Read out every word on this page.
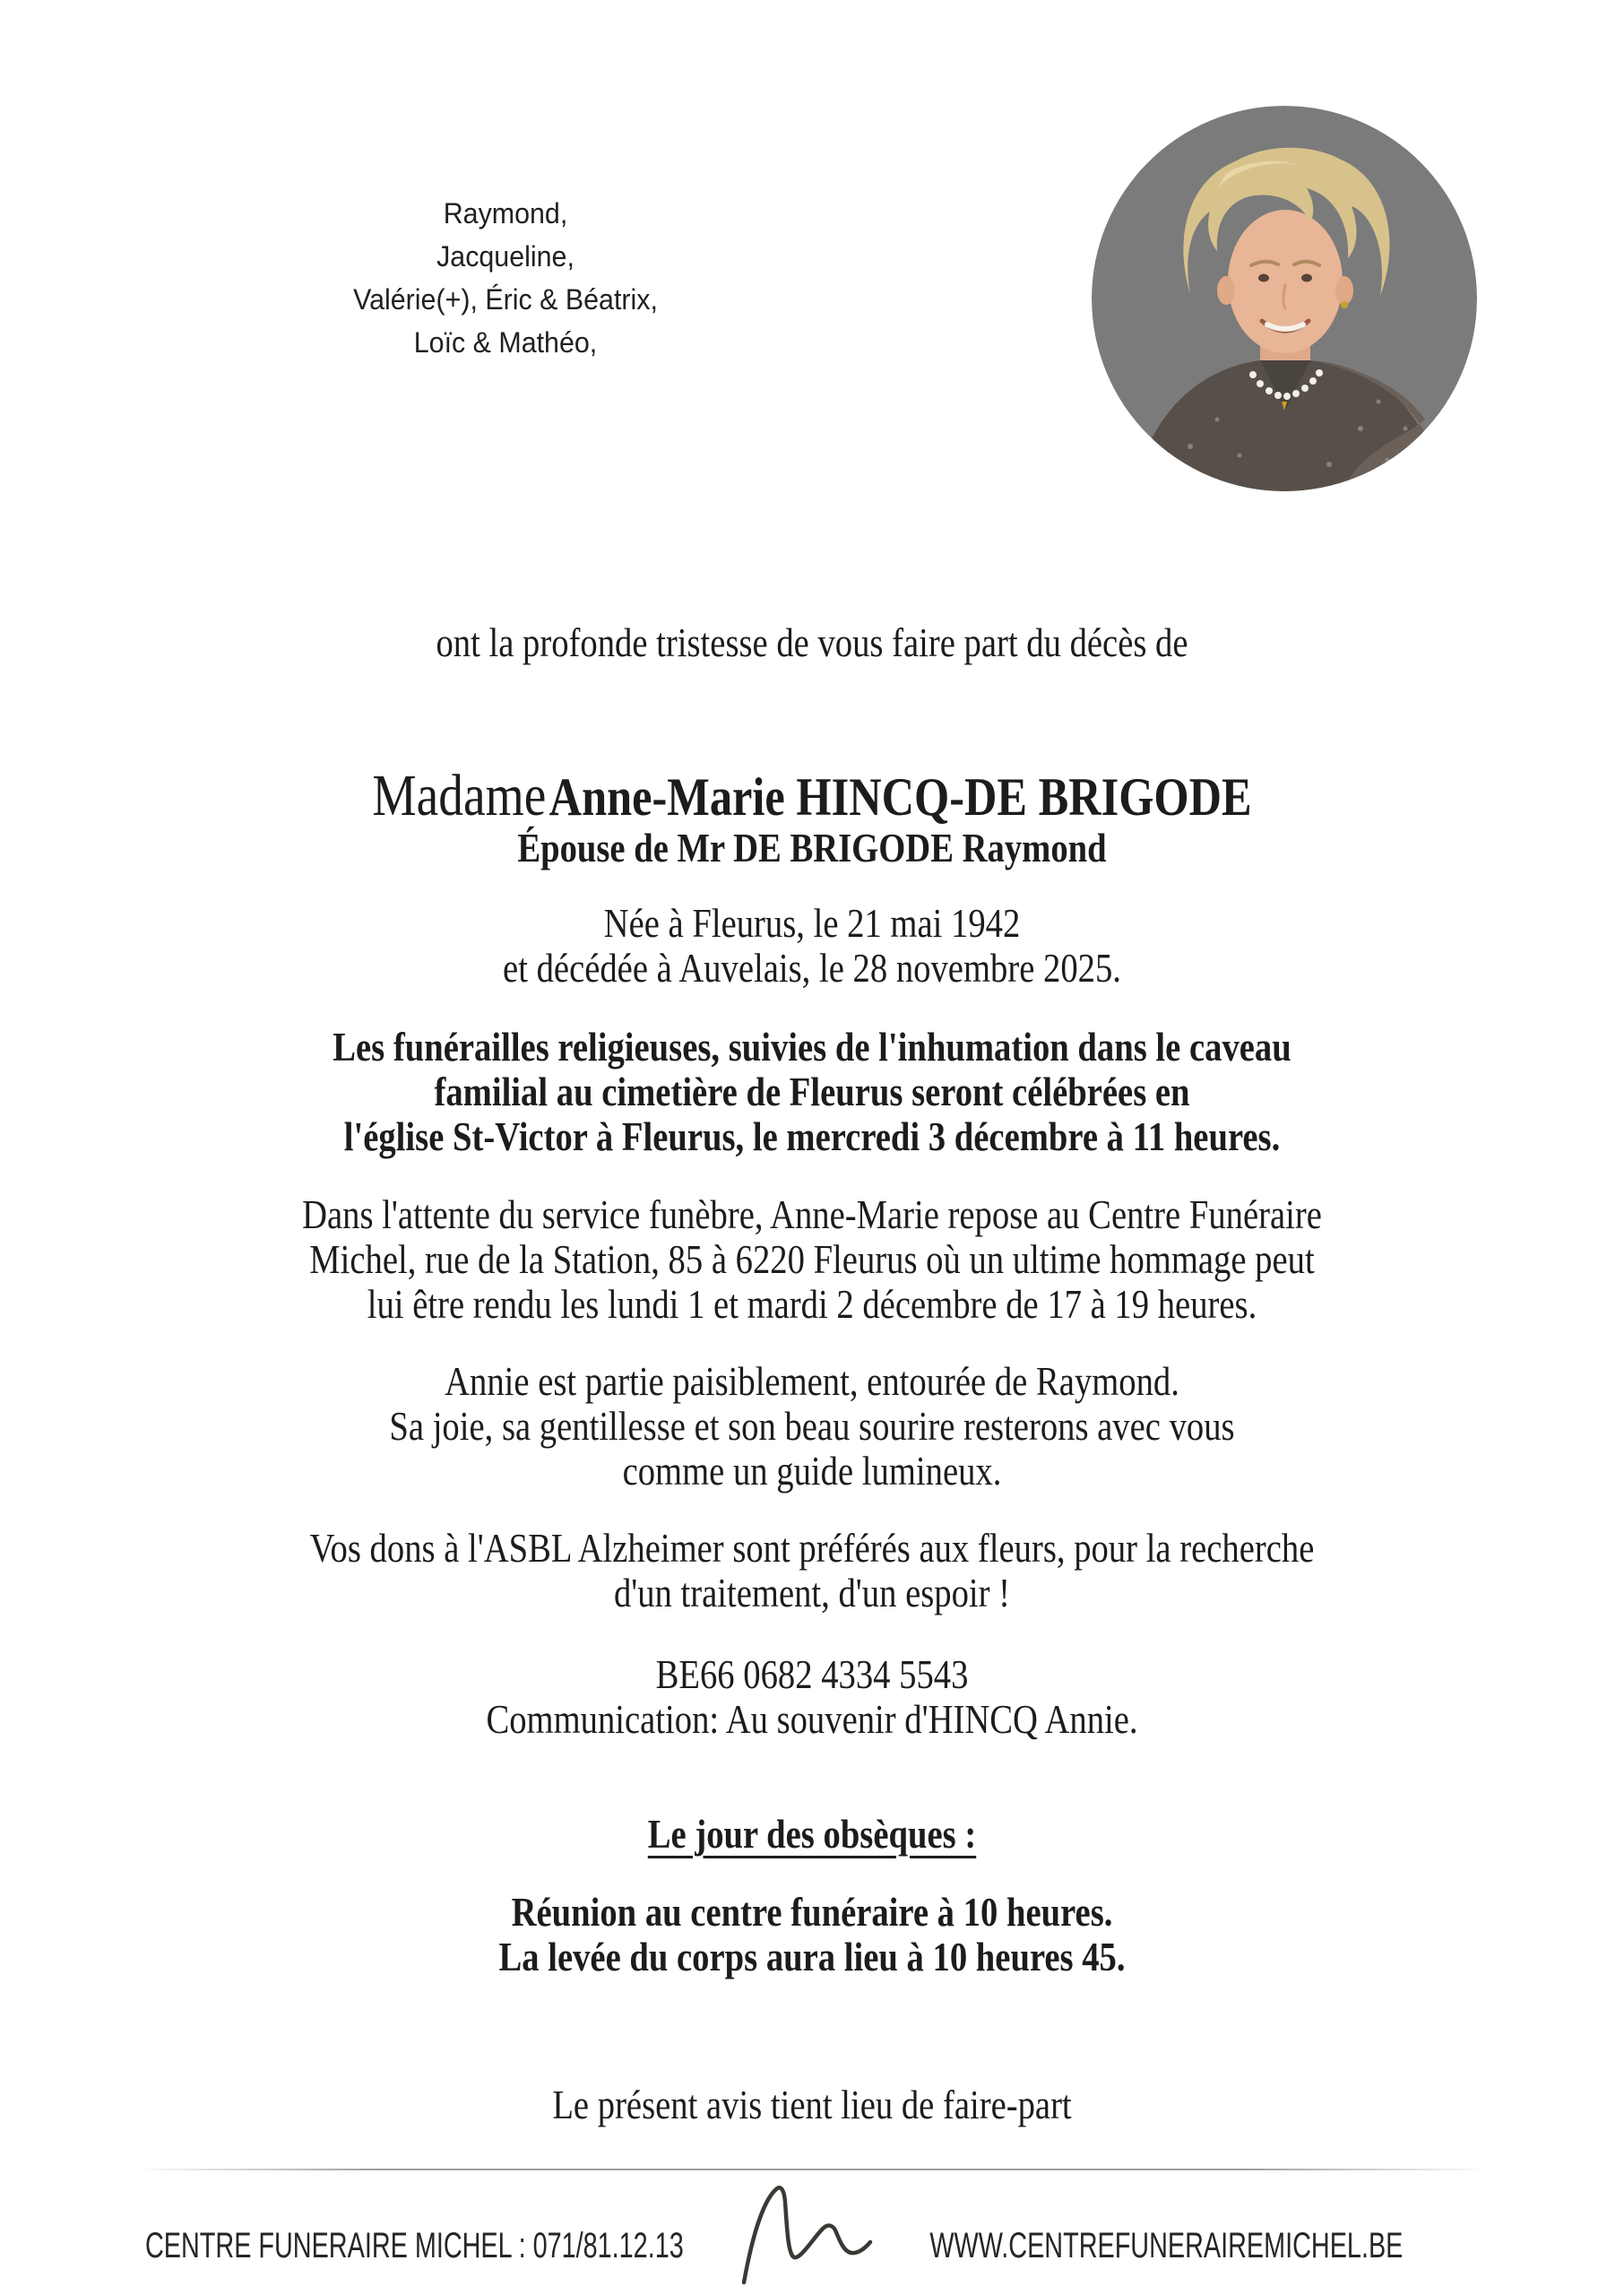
Raymond,
Jacqueline,
Valérie(+), Éric & Béatrix,
Loïc & Mathéo,
ont la profonde tristesse de vous faire part du décès de
Madame Anne-Marie HINCQ-DE BRIGODE
Épouse de Mr DE BRIGODE Raymond
Née à Fleurus, le 21 mai 1942
et décédée à Auvelais, le 28 novembre 2025.
Les funérailles religieuses, suivies de l'inhumation dans le caveau
familial au cimetière de Fleurus seront célébrées en
l'église St-Victor à Fleurus, le mercredi 3 décembre à 11 heures.
Dans l'attente du service funèbre, Anne-Marie repose au Centre Funéraire
Michel, rue de la Station, 85 à 6220 Fleurus où un ultime hommage peut
lui être rendu les lundi 1 et mardi 2 décembre de 17 à 19 heures.
Annie est partie paisiblement, entourée de Raymond.
Sa joie, sa gentillesse et son beau sourire resterons avec vous
comme un guide lumineux.
Vos dons à l'ASBL Alzheimer sont préférés aux fleurs, pour la recherche
d'un traitement, d'un espoir !
BE66 0682 4334 5543
Communication: Au souvenir d'HINCQ Annie.
Le jour des obsèques :
Réunion au centre funéraire à 10 heures.
La levée du corps aura lieu à 10 heures 45.
Le présent avis tient lieu de faire-part
CENTRE FUNERAIRE MICHEL : 071/81.12.13	WWW.CENTREFUNERAIREMICHEL.BE
